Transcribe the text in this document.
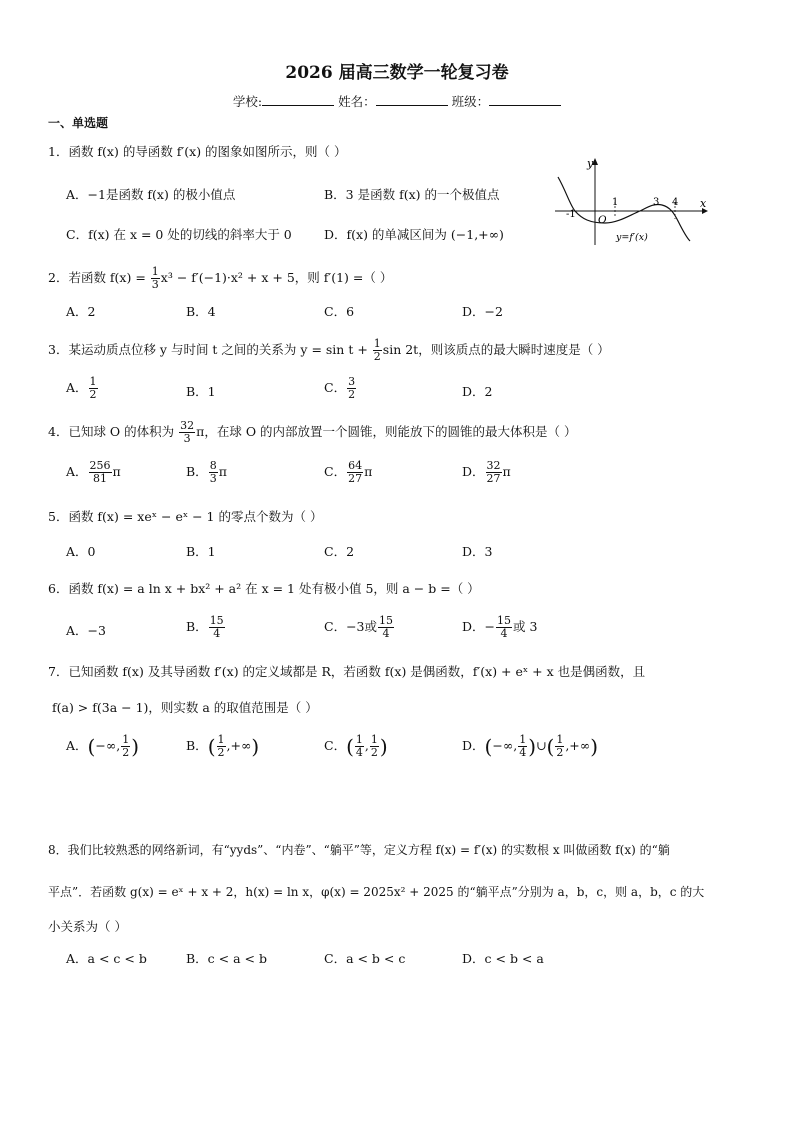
2026 届高三数学一轮复习卷
学校:	姓名：	班级：
一、单选题
1．函数 f(x) 的导函数 f′(x) 的图象如图所示，则（ ）
A．−1是函数 f(x) 的极小值点	B．3 是函数 f(x) 的一个极值点
C．f(x) 在 x = 0 处的切线的斜率大于 0	D．f(x) 的单减区间为 (−1,+∞)
y
x
O
-1
1	3 4
y=f′(x)
2．若函数 $f(x) = \frac{1}{3} x^3 - f'(-1)\cdot x^2 + x + 5$，则 f′(1) =（ ）
A．2	B．4	C．6	D．−2
3．某运动质点位移 y 与时间 t 之间的关系为 $y = \sin t + \frac{1}{2}$ sin 2t，则该质点的最大瞬时速度是（ ）
A． $\frac{1}{2}$	B．1	C． $\frac{3}{2}$	D．2
4．已知球 O 的体积为 $\frac{32}{3}$ π，在球 O 的内部放置一个圆锥，则能放下的圆锥的最大体积是（ ）
A． $\frac{256}{81}$ π	B． $\frac{8}{3}$ π	C． $\frac{64}{27}$ π	D． $\frac{32}{27}$ π
5．函数 f(x) = xeˣ − eˣ − 1 的零点个数为（ ）
A．0	B．1	C．2	D．3
6．函数 f(x) = a ln x + bx² + a² 在 x = 1 处有极小值 5，则 a − b =（ ）
A．−3	B． $\frac{15}{4}$	C．−3或 $\frac{15}{4}$	D．− $\frac{15}{4}$ 或 3
7．已知函数 f(x) 及其导函数 f′(x) 的定义域都是 R，若函数 f(x) 是偶函数，f′(x) + eˣ + x 也是偶函数，且
f(a) > f(3a − 1)，则实数 a 的取值范围是（ ）
A．(−∞, $\frac{1}{2}$ )	B．( $\frac{1}{2}$ ,+∞)	C．( $\frac{1}{4}$ , $\frac{1}{2}$ )	D．(−∞, $\frac{1}{4}$ )∪( $\frac{1}{2}$ ,+∞)
8．我们比较熟悉的网络新词，有“yyds”、“内卷”、“躺平”等，定义方程 f(x) = f′(x) 的实数根 x 叫做函数 f(x) 的“躺
平点”．若函数 g(x) = eˣ + x + 2，h(x) = ln x，φ(x) = 2025x² + 2025 的“躺平点”分别为 a，b，c，则 a，b，c 的大
小关系为（ ）
A．a < c < b	B．c < a < b	C．a < b < c	D．c < b < a
